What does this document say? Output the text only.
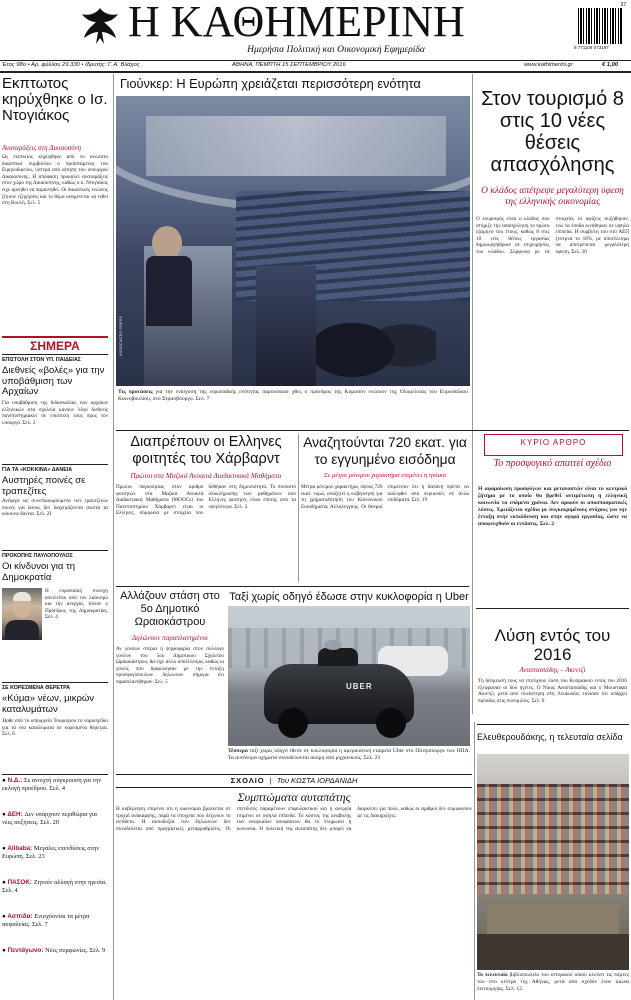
Η ΚΑΘΗΜΕΡΙΝΗ
Ημερήσια Πολιτική και Οικονομική Εφημερίδα
37
9 771108 073197
Έτος 98ο • Αρ. φύλλου 29.330 • Ιδρυτής: Γ. Α. Βλάχος	ΑΘΗΝΑ, ΠΕΜΠΤΗ 15 ΣΕΠΤΕΜΒΡΙΟΥ 2016	www.kathimerini.gr	€ 1,00
Εκπτωτος κηρύχθηκε ο Ισ. Ντογιάκος
Αναταράξεις στη Δικαιοσύνη
Ως έκπτωτος κηρύχθηκε από το ανώτατο δικαστικό συμβούλιο ο προϊστάμενος του Ειρηνοδικείου, ύστερα από αίτηση του υπουργού Δικαιοσύνης. Η απόφαση προκαλεί αναταράξεις στον χώρο της Δικαιοσύνης, καθώς ο κ. Ντογιάκος είχε αρνηθεί να παραιτηθεί. Οι δικαστικές ενώσεις ζητούν εξηγήσεις και το θέμα αναμένεται να τεθεί στη Βουλή. Σελ. 5
ΣΗΜΕΡΑ
ΕΠΙΣΤΟΛΗ ΣΤΟΝ ΥΠ. ΠΑΙΔΕΙΑΣ
Διεθνείς «βολές» για την υποβάθμιση των Αρχαίων
Για υποβάθμιση της διδασκαλίας των αρχαίων ελληνικών στα σχολεία κάνουν λόγο διεθνείς πανεπιστημιακοί σε επιστολή τους προς τον υπουργό. Σελ. 3
ΓΙΑ ΤΑ «ΚΟΚΚΙΝΑ» ΔΑΝΕΙΑ
Αυστηρές ποινές σε τραπεζίτες
Ανέφερε ως συνεπικουρούμενα των τραπεζιτών ποινές για όσους δεν διαχειρίζονται σωστά τα κόκκινα δάνεια. Σελ. 21
ΠΡΟΚΟΠΗΣ ΠΑΥΛΟΠΟΥΛΟΣ
Οι κίνδυνοι για τη Δημοκρατία
Η ευρωπαϊκή συνοχή απειλείται από τον λαϊκισμό και την ανεργία, τόνισε ο Πρόεδρος της Δημοκρατίας. Σελ. 4
ΣΕ ΚΟΡΕΣΜΕΝΑ ΘΕΡΕΤΡΑ
«Κύμα» νέων, μικρών καταλυμάτων
Ήρθε από το υπουργείο Τουρισμού το νομοσχέδιο για τα νέα καταλύματα σε κορεσμένα θέρετρα. Σελ. 6
● Ν.Δ.: Σε ανοιχτή σύγκρουση για την εκλογή προέδρου. Σελ. 4
● ΔΕΗ: Δεν υπάρχουν περιθώρια για νέες αυξήσεις. Σελ. 20
● Alibaba: Μεγάλες επενδύσεις στην Ευρώπη. Σελ. 23
● ΠΑΣΟΚ: Ζητούν αλλαγή στην ηγεσία. Σελ. 4
● Ασπίδα: Ενισχύονται τα μέτρα ασφαλείας. Σελ. 7
● Πεντάγωνο: Νέες συμφωνίες. Σελ. 9
Γιούνκερ: Η Ευρώπη χρειάζεται περισσότερη ενότητα
ASSOCIATED PRESS
Τις προτάσεις για την ενίσχυση της ευρωπαϊκής ενότητας παρουσίασε χθες ο πρόεδρος της Κομισιόν ενώπιον της Ολομέλειας του Ευρωπαϊκού Κοινοβουλίου, στο Στρασβούργο. Σελ. 7
Στον τουρισμό 8 στις 10 νέες θέσεις απασχόλησης
Ο κλάδος απέτρεψε μεγαλύτερη ύφεση της ελληνικής οικονομίας
Ο τουρισμός είναι ο κλάδος που στήριξε την απασχόληση το πρώτο εξάμηνο του έτους, καθώς 8 στις 10 νέες θέσεις εργασίας δημιουργήθηκαν σε επιχειρήσεις του κλάδου. Σύμφωνα με τα στοιχεία, οι αφίξεις αυξήθηκαν, ενώ τα έσοδα κινήθηκαν σε υψηλά επίπεδα. Η συμβολή του στο ΑΕΠ ξεπερνά το 18%, με αποτέλεσμα να αποτρέπεται μεγαλύτερη ύφεση. Σελ. 20
Διαπρέπουν οι Ελληνες φοιτητές του Χάρβαρντ
Πρώτοι στα Μαζικά Ανοικτά Διαδικτυακά Μαθήματα
Πρώτοι παγκοσμίως στον αριθμό φοιτητών στα Μαζικά Ανοικτά Διαδικτυακά Μαθήματα (MOOCs) του Πανεπιστημίου Χάρβαρντ είναι οι Ελληνες, σύμφωνα με στοιχεία που δόθηκαν στη δημοσιότητα. Το ποσοστό ολοκλήρωσης των μαθημάτων από Ελληνες φοιτητές είναι επίσης από τα υψηλότερα. Σελ. 3
Αναζητούνται 720 εκατ. για το εγγυημένο εισόδημα
Σε μέτρα μόνιμου χαρακτήρα επιμένει η τρόικα
Μέτρα μόνιμου χαρακτήρα, ύψους 720 εκατ. ευρώ, αναζητεί η κυβέρνηση για τη χρηματοδότηση του Κοινωνικού Εισοδήματος Αλληλεγγύης. Οι θεσμοί επιμένουν ότι η δαπάνη πρέπει να καλυφθεί από περικοπές σε άλλα επιδόματα. Σελ. 19
ΚΥΡΙΟ ΑΡΘΡΟ
Το προσφυγικό απαιτεί σχέδιο
Η αφομοίωση προσφύγων και μεταναστών είναι το κεντρικό ζήτημα με το οποίο θα βρεθεί αντιμέτωπη η ελληνική κοινωνία τα επόμενα χρόνια. Δεν αρκούν οι αποσπασματικές λύσεις. Χρειάζεται σχέδιο με συγκεκριμένους στόχους για την ένταξη στην εκπαίδευση και στην αγορά εργασίας, ώστε να αποφευχθούν οι εντάσεις. Σελ. 2
Αλλάζουν στάση στο 5ο Δημοτικό Ωραιοκάστρου
Δηλώνουν παραπλανημένοι
Αν γονέων στέρια ή ψηφοφορία στον σύλλογο γονέων του 5ου Δημοτικού Σχολείου Ωραιοκάστρου, θα είχε άλλο αποτέλεσμα, καθώς οι γονείς που διαφώνησαν με την ένταξη προσφυγόπουλων δηλώνουν σήμερα ότι παραπλανήθηκαν. Σελ. 5
Ταξί χωρίς οδηγό έδωσε στην κυκλοφορία η Uber
UBER
Τέσσερα ταξί χωρίς οδηγό έθεσε σε κυκλοφορία η αμερικανική εταιρεία Uber στο Πίτσμπουργκ των ΗΠΑ. Τα αυτόνομα οχήματα συνοδεύονται ακόμη από μηχανικούς. Σελ. 23
Λύση εντός του 2016
Αναστασιάδης – Ακιντζί
Τη δέσμευσή τους να επιτύχουν λύση του Κυπριακού εντός του 2016 εξέφρασαν οι δύο ηγέτες. Ο Νίκος Αναστασιάδης και ο Μουσταφά Ακιντζί, μετά από συνάντηση στη Λευκωσία, τόνισαν ότι υπάρχει πρόοδος στις συνομιλίες. Σελ. 8
ΣΧΟΛΙΟ | Του ΚΩΣΤΑ ΙΟΡΔΑΝΙΔΗ
Συμπτώματα αυταπάτης
Η κυβέρνηση επιμένει ότι η οικονομία βρίσκεται σε τροχιά ανάκαμψης, παρά τα στοιχεία που δείχνουν το αντίθετο. Η αισιοδοξία των δηλώσεων δεν συνοδεύεται από πραγματικές μεταρρυθμίσεις. Οι επενδυτές παραμένουν επιφυλακτικοί και η ανεργία επιμένει σε υψηλά επίπεδα. Το κόστος της αναβολής των αναγκαίων αποφάσεων θα το πληρώσει η κοινωνία. Η πολιτική της αυταπάτης δεν μπορεί να διαρκέσει για πολύ, καθώς οι αριθμοί δεν συμφωνούν με τις διακηρύξεις.
Ελευθερουδάκης, η τελευταία σελίδα
Το τελευταίο βιβλιοπωλείο του ιστορικού οίκου κλείνει τις πόρτες του στο κέντρο της Αθήνας, μετά από σχεδόν έναν αιώνα λειτουργίας. Σελ. 12
